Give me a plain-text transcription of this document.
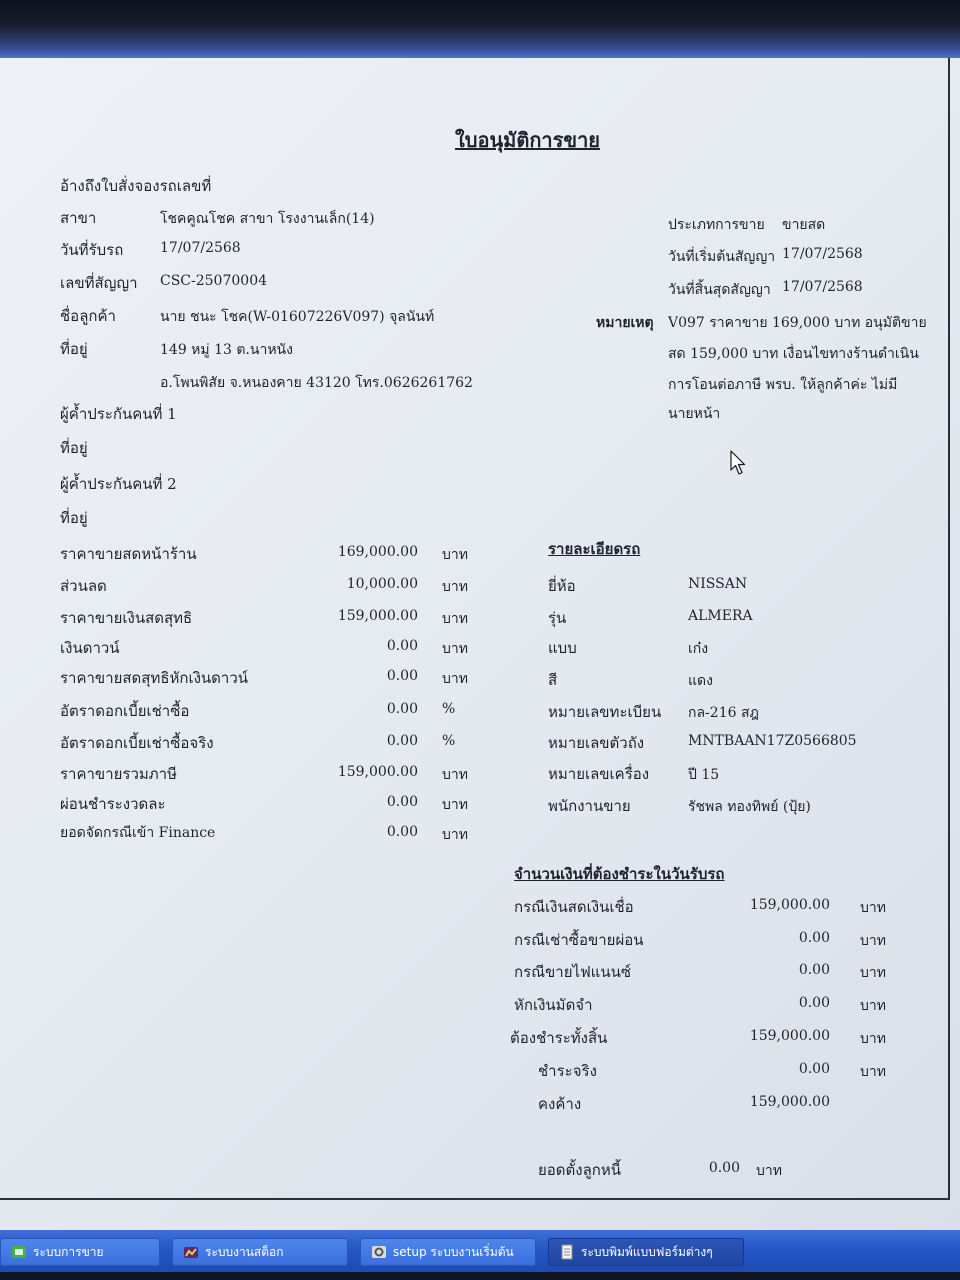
ใบอนุมัติการขาย
อ้างถึงใบสั่งจองรถเลขที่
สาขา	โชคคูณโชค สาขา โรงงานเล็ก(14)
วันที่รับรถ	17/07/2568
เลขที่สัญญา CSC-25070004
ชื่อลูกค้า	นาย ชนะ โชค(W-01607226V097) จุลนันท์
ที่อยู่	149 หมู่ 13 ต.นาหนัง
อ.โพนพิสัย จ.หนองคาย 43120 โทร.0626261762
ผู้ค้ำประกันคนที่ 1
ที่อยู่
ผู้ค้ำประกันคนที่ 2
ที่อยู่
ประเภทการขาย ขายสด
วันที่เริ่มต้นสัญญา 17/07/2568
วันที่สิ้นสุดสัญญา 17/07/2568
หมายเหตุ V097 ราคาขาย 169,000 บาท อนุมัติขาย
สด 159,000 บาท เงื่อนไขทางร้านดำเนิน
การโอนต่อภาษี พรบ. ให้ลูกค้าค่ะ ไม่มี
นายหน้า
ราคาขายสดหน้าร้าน	169,000.00 บาท
ส่วนลด	10,000.00 บาท
ราคาขายเงินสดสุทธิ	159,000.00 บาท
เงินดาวน์	0.00 บาท
ราคาขายสดสุทธิหักเงินดาวน์	0.00 บาท
อัตราดอกเบี้ยเช่าซื้อ	0.00 %
อัตราดอกเบี้ยเช่าซื้อจริง	0.00 %
ราคาขายรวมภาษี	159,000.00 บาท
ผ่อนชำระงวดละ	0.00 บาท
ยอดจัดกรณีเข้า Finance	0.00 บาท
รายละเอียดรถ
ยี่ห้อ	NISSAN
รุ่น	ALMERA
แบบ	เก๋ง
สี	แดง
หมายเลขทะเบียน กล-216 สฎ
หมายเลขตัวถัง	MNTBAAN17Z0566805
หมายเลขเครื่อง	ปี 15
พนักงานขาย	รัชพล ทองทิพย์ (ปุ้ย)
จำนวนเงินที่ต้องชำระในวันรับรถ
กรณีเงินสดเงินเชื่อ	159,000.00 บาท
กรณีเช่าซื้อขายผ่อน	0.00 บาท
กรณีขายไฟแนนซ์	0.00 บาท
หักเงินมัดจำ	0.00 บาท
ต้องชำระทั้งสิ้น	159,000.00 บาท
ชำระจริง	0.00 บาท
คงค้าง	159,000.00
ยอดตั้งลูกหนี้	0.00 บาท
ระบบการขาย	ระบบงานสต็อก	setup ระบบงานเริ่มต้น	ระบบพิมพ์แบบฟอร์มต่างๆ
